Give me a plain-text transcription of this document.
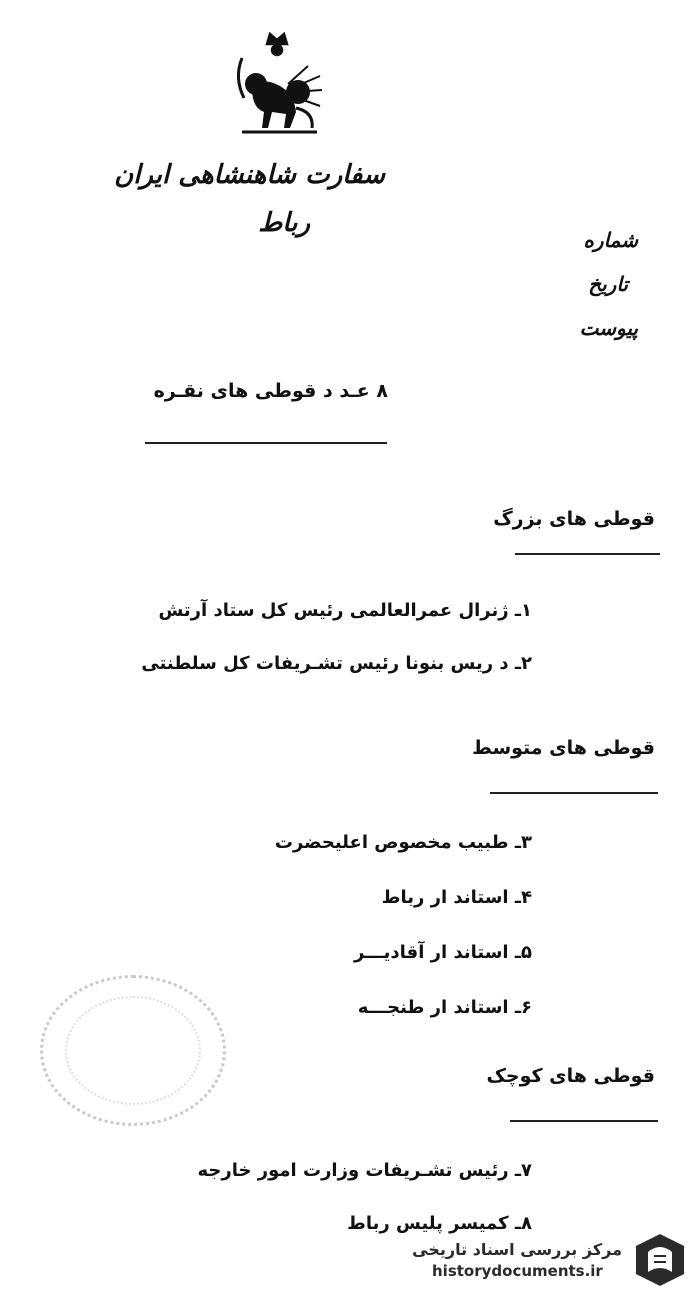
سفارت شاهنشاهی ایران
رباط
شماره
تاریخ
پیوست
۸ عـد د قوطی های نقـره
قوطی های بزرگ
۱ـ ژنرال عمرالعالمی رئیس کل ستاد آرتش
۲ـ د ریس بنونا رئیس تشـریفات کل سلطنتی
قوطی های متوسط
۳ـ طبیب مخصوص اعلیحضرت
۴ـ استاند ار رباط
۵ـ استاند ار آقادیـــر
۶ـ استاند ار طنجـــه
قوطی های کوچک
۷ـ رئیس تشـریفات وزارت امور خارجه
۸ـ کمیسر پلیس رباط
مرکز بررسی اسناد تاریخی
historydocuments.ir
